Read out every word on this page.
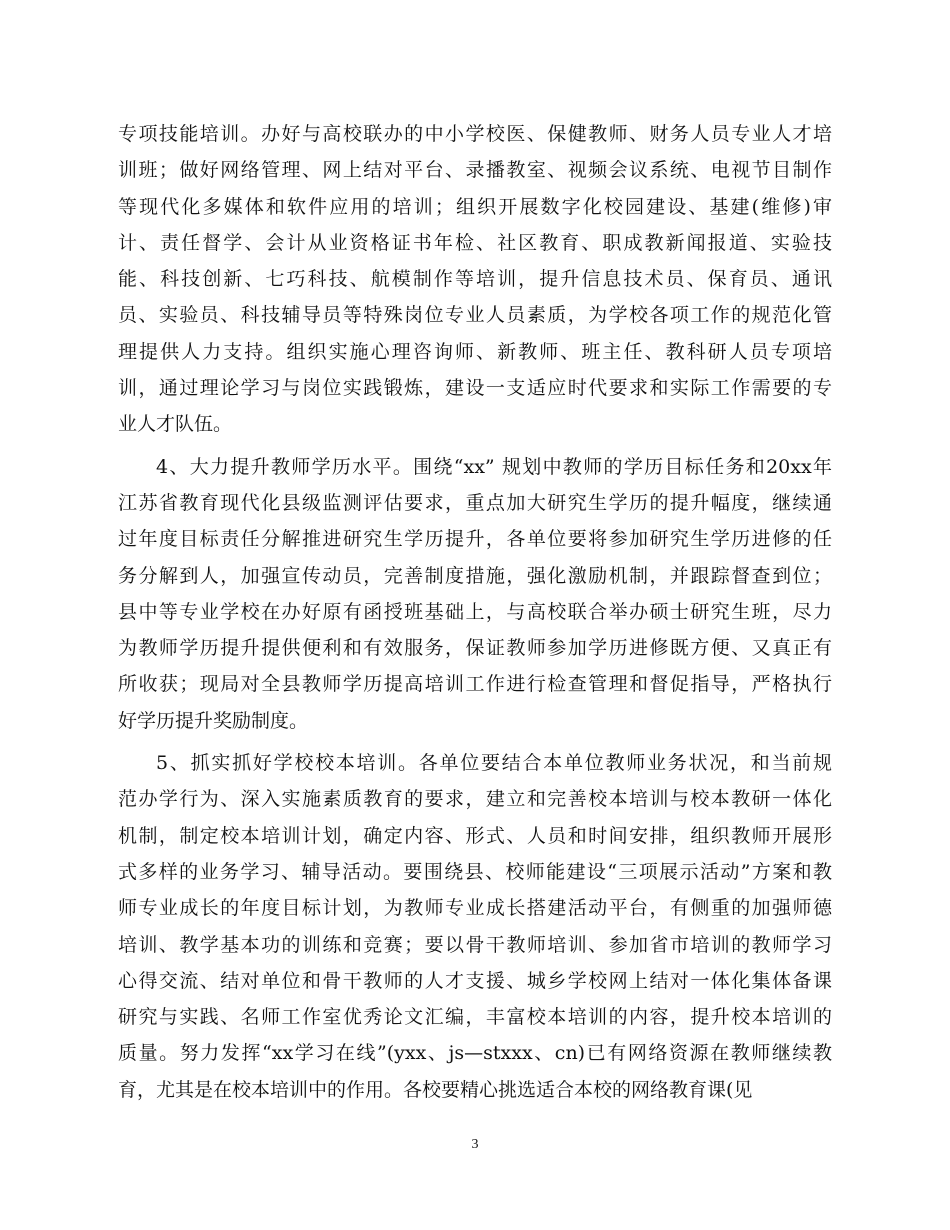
专项技能培训。办好与高校联办的中小学校医、保健教师、财务人员专业人才培
训班；做好网络管理、网上结对平台、录播教室、视频会议系统、电视节目制作
等现代化多媒体和软件应用的培训；组织开展数字化校园建设、基建(维修)审
计、责任督学、会计从业资格证书年检、社区教育、职成教新闻报道、实验技
能、科技创新、七巧科技、航模制作等培训，提升信息技术员、保育员、通讯
员、实验员、科技辅导员等特殊岗位专业人员素质，为学校各项工作的规范化管
理提供人力支持。组织实施心理咨询师、新教师、班主任、教科研人员专项培
训，通过理论学习与岗位实践锻炼，建设一支适应时代要求和实际工作需要的专
业人才队伍。
4、大力提升教师学历水平。围绕“xx” 规划中教师的学历目标任务和20xx年
江苏省教育现代化县级监测评估要求，重点加大研究生学历的提升幅度，继续通
过年度目标责任分解推进研究生学历提升，各单位要将参加研究生学历进修的任
务分解到人，加强宣传动员，完善制度措施，强化激励机制，并跟踪督查到位；
县中等专业学校在办好原有函授班基础上，与高校联合举办硕士研究生班，尽力
为教师学历提升提供便利和有效服务，保证教师参加学历进修既方便、又真正有
所收获；现局对全县教师学历提高培训工作进行检查管理和督促指导，严格执行
好学历提升奖励制度。
5、抓实抓好学校校本培训。各单位要结合本单位教师业务状况，和当前规
范办学行为、深入实施素质教育的要求，建立和完善校本培训与校本教研一体化
机制，制定校本培训计划，确定内容、形式、人员和时间安排，组织教师开展形
式多样的业务学习、辅导活动。要围绕县、校师能建设“三项展示活动”方案和教
师专业成长的年度目标计划，为教师专业成长搭建活动平台，有侧重的加强师德
培训、教学基本功的训练和竞赛；要以骨干教师培训、参加省市培训的教师学习
心得交流、结对单位和骨干教师的人才支援、城乡学校网上结对一体化集体备课
研究与实践、名师工作室优秀论文汇编，丰富校本培训的内容，提升校本培训的
质量。努力发挥“xx学习在线”(yxx、js—stxxx、cn)已有网络资源在教师继续教
育，尤其是在校本培训中的作用。各校要精心挑选适合本校的网络教育课(见
3
